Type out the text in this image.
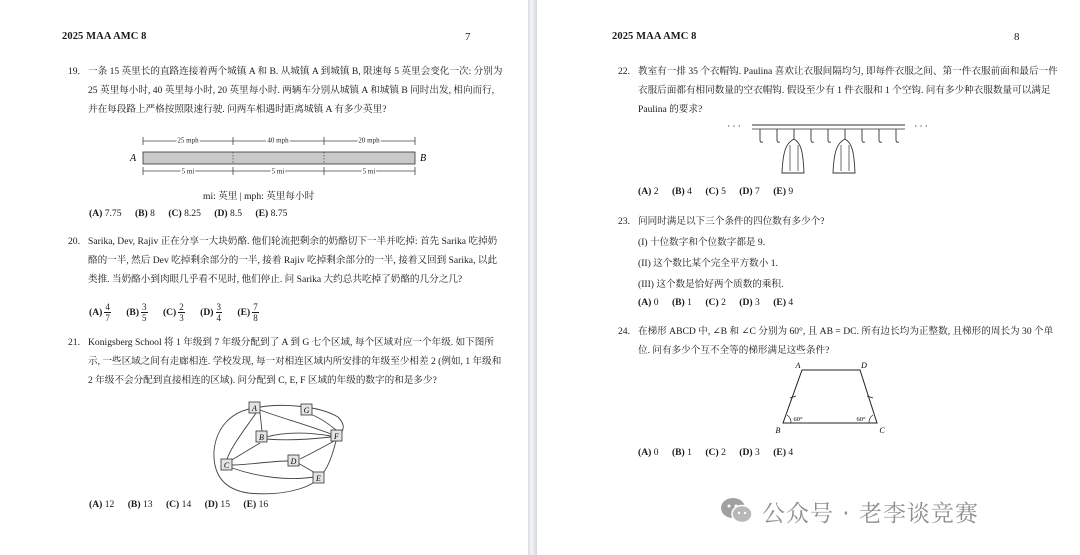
2025 MAA AMC 8	7
19. 一条 15 英里长的直路连接着两个城镇 A 和 B. 从城镇 A 到城镇 B, 限速每 5 英里会变化一次: 分别为 25 英里每小时, 40 英里每小时, 20 英里每小时. 两辆车分别从城镇 A 和城镇 B 同时出发, 相向而行, 并在每段路上严格按照限速行驶. 问两车相遇时距离城镇 A 有多少英里?
25 mph	40 mph	20 mph
A	B
5 mi	5 mi	5 mi
mi: 英里 | mph: 英里每小时
(A) 7.75 (B) 8 (C) 8.25 (D) 8.5 (E) 8.75
20. Sarika, Dev, Rajiv 正在分享一大块奶酪. 他们轮流把剩余的奶酪切下一半并吃掉: 首先 Sarika 吃掉奶酪的一半, 然后 Dev 吃掉剩余部分的一半, 接着 Rajiv 吃掉剩余部分的一半, 接着又回到 Sarika, 以此类推. 当奶酪小到肉眼几乎看不见时, 他们停止. 问 Sarika 大约总共吃掉了奶酪的几分之几?
$(A) \frac{4}{7} (B) \frac{3}{5} (C) \frac{2}{3} (D) \frac{3}{4} (E) \frac{7}{8}$
21. Konigsberg School 将 1 年级到 7 年级分配到了 A 到 G 七个区域, 每个区域对应一个年级. 如下图所示, 一些区域之间有走廊相连. 学校发现, 每一对相连区域内所安排的年级至少相差 2 (例如, 1 年级和 2 年级不会分配到直接相连的区域). 问分配到 C, E, F 区域的年级的数字的和是多少?
A	G
B	F
C	D
E
(A) 12 (B) 13 (C) 14 (D) 15 (E) 16
2025 MAA AMC 8	8
22. 教室有一排 35 个衣帽钩. Paulina 喜欢让衣服间隔均匀, 即每件衣服之间、第一件衣服前面和最后一件衣服后面都有相同数量的空衣帽钩. 假设至少有 1 件衣服和 1 个空钩. 问有多少种衣服数量可以满足 Paulina 的要求?
· · ·	· · ·
(A) 2 (B) 4 (C) 5 (D) 7 (E) 9
23. 问同时满足以下三个条件的四位数有多少个?
(I) 十位数字和个位数字都是 9.
(II) 这个数比某个完全平方数小 1.
(III) 这个数是恰好两个质数的乘积.
(A) 0 (B) 1 (C) 2 (D) 3 (E) 4
24. 在梯形 ABCD 中, ∠B 和 ∠C 分别为 60°, 且 AB = DC. 所有边长均为正整数, 且梯形的周长为 30 个单位. 问有多少个互不全等的梯形满足这些条件?
A	D
B	C
60°	60°
(A) 0 (B) 1 (C) 2 (D) 3 (E) 4
公众号 · 老李谈竞赛
